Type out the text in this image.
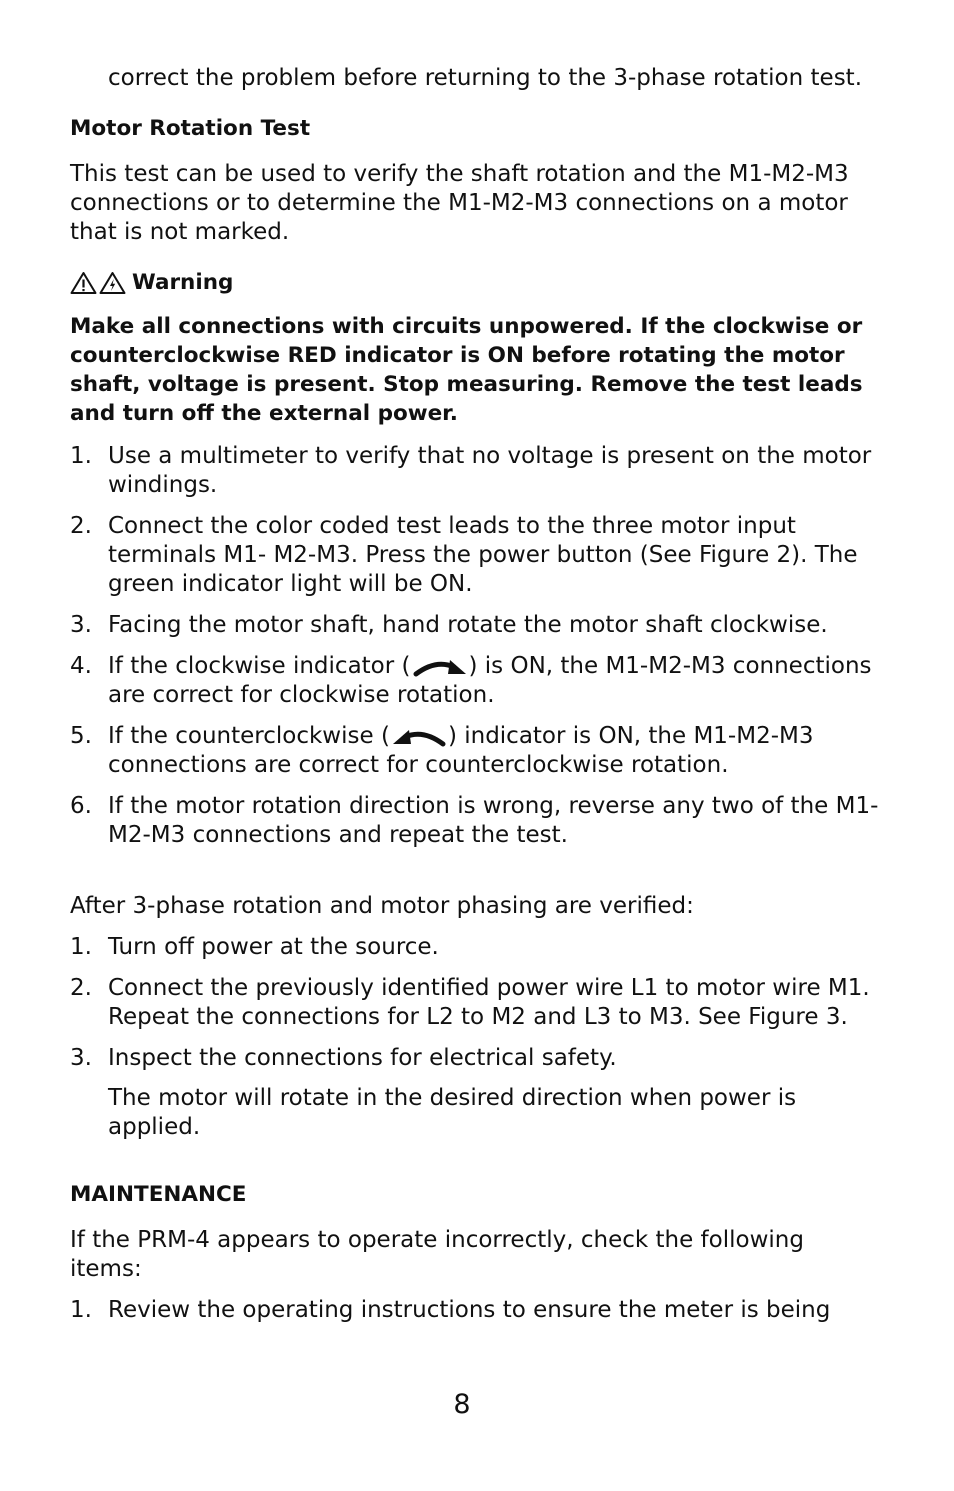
correct the problem before returning to the 3-phase rotation test.

Motor Rotation Test

This test can be used to verify the shaft rotation and the M1-M2-M3 connections or to determine the M1-M2-M3 connections on a motor that is not marked.

Warning

Make all connections with circuits unpowered. If the clockwise or counterclockwise RED indicator is ON before rotating the motor shaft, voltage is present. Stop measuring. Remove the test leads and turn off the external power.

1. Use a multimeter to verify that no voltage is present on the motor windings.
2. Connect the color coded test leads to the three motor input terminals M1- M2-M3. Press the power button (See Figure 2). The green indicator light will be ON.
3. Facing the motor shaft, hand rotate the motor shaft clockwise.
4. If the clockwise indicator (	) is ON, the M1-M2-M3 connections are correct for clockwise rotation.
5. If the counterclockwise (	) indicator is ON, the M1-M2-M3 connections are correct for counterclockwise rotation.
6. If the motor rotation direction is wrong, reverse any two of the M1-M2-M3 connections and repeat the test.

After 3-phase rotation and motor phasing are verified:

1. Turn off power at the source.
2. Connect the previously identified power wire L1 to motor wire M1. Repeat the connections for L2 to M2 and L3 to M3. See Figure 3.
3. Inspect the connections for electrical safety.

The motor will rotate in the desired direction when power is applied.

MAINTENANCE

If the PRM-4 appears to operate incorrectly, check the following items:

1. Review the operating instructions to ensure the meter is being
8
